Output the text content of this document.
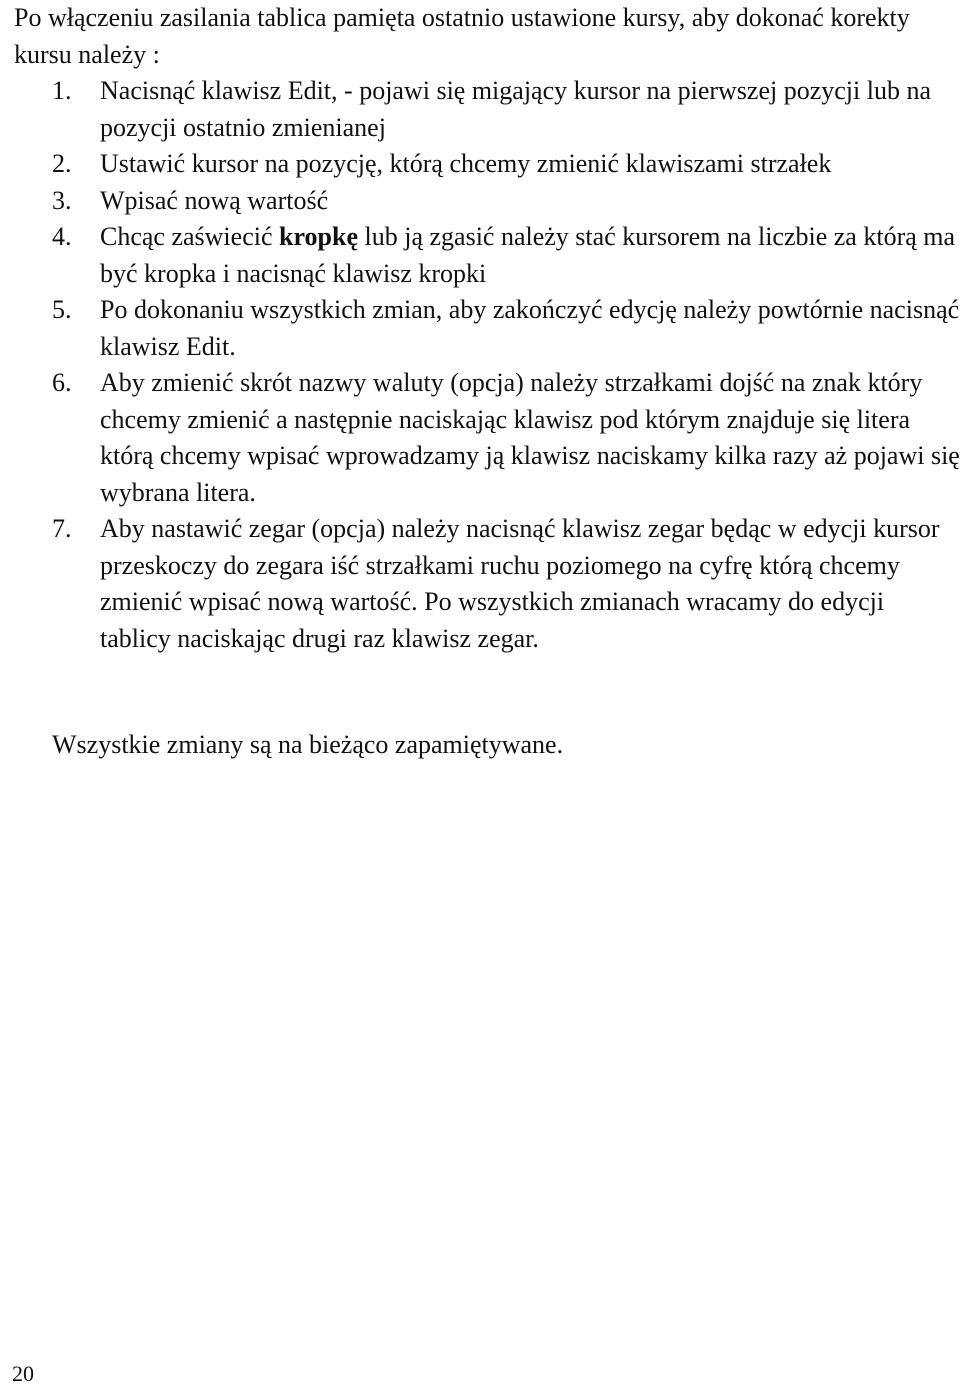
Po włączeniu zasilania tablica pamięta ostatnio ustawione kursy, aby dokonać korekty kursu należy :

1. Nacisnąć klawisz Edit, - pojawi się migający kursor na pierwszej pozycji lub na pozycji ostatnio zmienianej
2. Ustawić kursor na pozycję, którą chcemy zmienić klawiszami strzałek
3. Wpisać nową wartość
4. Chcąc zaświecić kropkę lub ją zgasić należy stać kursorem na liczbie za którą ma być kropka i nacisnąć klawisz kropki
5. Po dokonaniu wszystkich zmian, aby zakończyć edycję należy powtórnie nacisnąć klawisz Edit.
6. Aby zmienić skrót nazwy waluty (opcja) należy strzałkami dojść na znak który chcemy zmienić a następnie naciskając klawisz pod którym znajduje się litera którą chcemy wpisać wprowadzamy ją klawisz naciskamy kilka razy aż pojawi się wybrana litera.
7. Aby nastawić zegar (opcja) należy nacisnąć klawisz zegar będąc w edycji kursor przeskoczy do zegara iść strzałkami ruchu poziomego na cyfrę którą chcemy zmienić wpisać nową wartość. Po wszystkich zmianach wracamy do edycji tablicy naciskając drugi raz klawisz zegar.

Wszystkie zmiany są na bieżąco zapamiętywane.

20
